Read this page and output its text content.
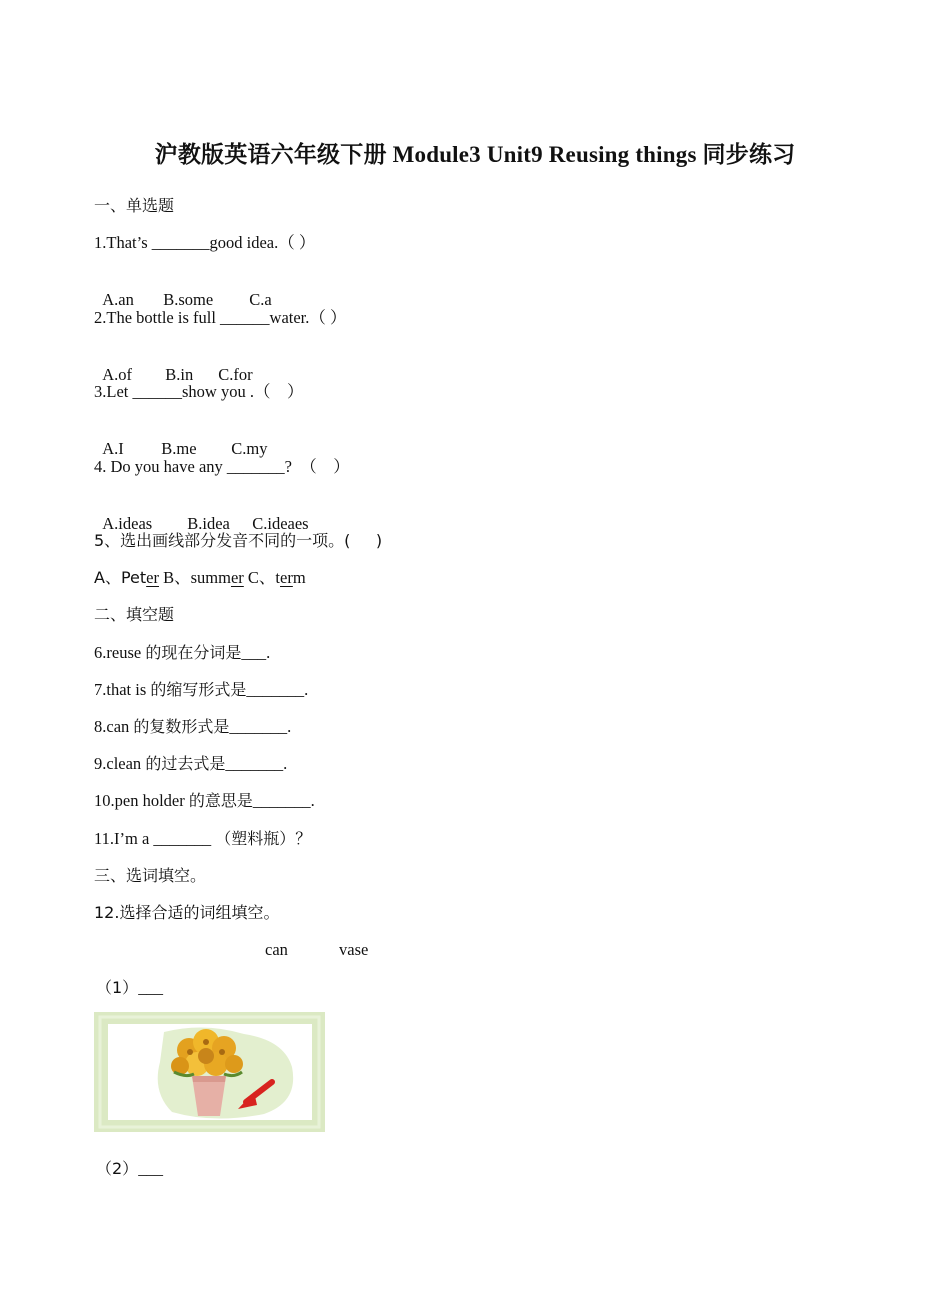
沪教版英语六年级下册 Module3 Unit9 Reusing things 同步练习
一、单选题
1.That’s _______good idea.（ ）

A.an B.some C.a

2.The bottle is full ______water.（ ）

A.of B.in C.for

3.Let ______show you .（    ）

A.I B.me C.my

4. Do you have any _______?  （    ）

A.ideas B.idea C.ideaes

5、选出画线部分发音不同的一项。(     )
A、Peter B、summer C、term
二、填空题
6.reuse 的现在分词是___.
7.that is 的缩写形式是_______.
8.can 的复数形式是_______.
9.clean 的过去式是_______.
10.pen holder 的意思是_______.
11.I’m a _______ （塑料瓶）？
三、选词填空。
12.选择合适的词组填空。
can	vase
（1）___
（2）___
